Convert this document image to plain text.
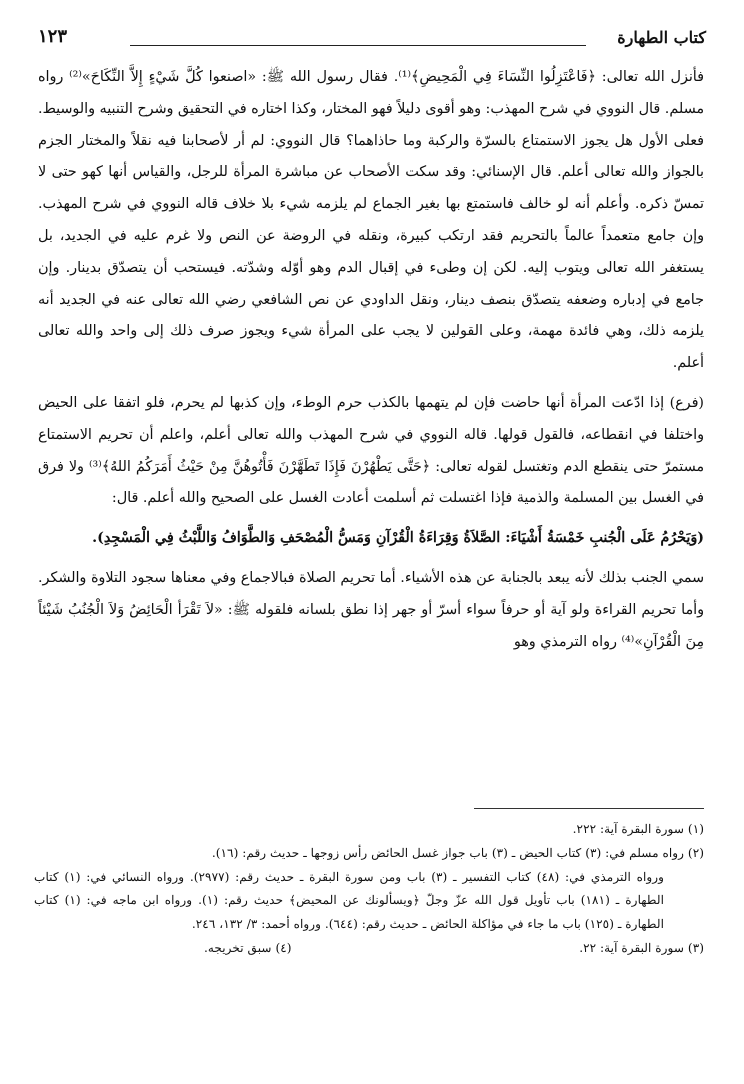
كتاب الطهارة
١٢٣

فأنزل الله تعالى: ﴿فَاعْتَزِلُوا النِّسَاءَ فِي الْمَحِيضِ﴾⁽¹⁾. فقال رسول الله ﷺ: «اصنعوا كُلَّ شَيْءٍ إِلاَّ النِّكَاحَ»⁽²⁾ رواه مسلم. قال النووي في شرح المهذب: وهو أقوى دليلاً فهو المختار، وكذا اختاره في التحقيق وشرح التنبيه والوسيط. فعلى الأول هل يجوز الاستمتاع بالسرّة والركبة وما حاذاهما؟ قال النووي: لم أر لأصحابنا فيه نقلاً والمختار الجزم بالجواز والله تعالى أعلم. قال الإسنائي: وقد سكت الأصحاب عن مباشرة المرأة للرجل، والقياس أنها كهو حتى لا تمسّ ذكره. وأعلم أنه لو خالف فاستمتع بها بغير الجماع لم يلزمه شيء بلا خلاف قاله النووي في شرح المهذب. وإن جامع متعمداً عالماً بالتحريم فقد ارتكب كبيرة، ونقله في الروضة عن النص ولا غرم عليه في الجديد، بل يستغفر الله تعالى ويتوب إليه. لكن إن وطىء في إقبال الدم وهو أوّله وشدّته. فيستحب أن يتصدّق بدينار. وإن جامع في إدباره وضعفه يتصدّق بنصف دينار، ونقل الداودي عن نص الشافعي رضي الله تعالى عنه في الجديد أنه يلزمه ذلك، وهي فائدة مهمة، وعلى القولين لا يجب على المرأة شيء ويجوز صرف ذلك إلى واحد والله تعالى أعلم.

(فرع) إذا ادّعت المرأة أنها حاضت فإن لم يتهمها بالكذب حرم الوطء، وإن كذبها لم يحرم، فلو اتفقا على الحيض واختلفا في انقطاعه، فالقول قولها. قاله النووي في شرح المهذب والله تعالى أعلم، واعلم أن تحريم الاستمتاع مستمرّ حتى ينقطع الدم وتغتسل لقوله تعالى: ﴿حَتَّى يَطْهُرْنَ فَإِذَا تَطَهَّرْنَ فَأْتُوهُنَّ مِنْ حَيْثُ أَمَرَكُمُ اللهُ﴾⁽³⁾ ولا فرق في الغسل بين المسلمة والذمية فإذا اغتسلت ثم أسلمت أعادت الغسل على الصحيح والله أعلم. قال:

(وَيَحْرُمُ عَلَى الْجُنبِ خَمْسَةُ أَشْيَاءَ: الصَّلاَةُ وَقِرَاءَةُ الْقُرْآنِ وَمَسُّ الْمُصْحَفِ وَالطَّوَافُ وَاللَّبْثُ فِي الْمَسْجِدِ).

سمي الجنب بذلك لأنه يبعد بالجنابة عن هذه الأشياء. أما تحريم الصلاة فبالاجماع وفي معناها سجود التلاوة والشكر. وأما تحريم القراءة ولو آية أو حرفاً سواء أسرّ أو جهر إذا نطق بلسانه فلقوله ﷺ: «لاَ تَقْرَأ الْحَائِضُ وَلاَ الْجُنُبُ شَيْئاً مِنَ الْقُرْآنِ»⁽⁴⁾ رواه الترمذي وهو

(١) سورة البقرة آية: ٢٢٢.

(٢) رواه مسلم في: (٣) كتاب الحيض ـ (٣) باب جواز غسل الحائض رأس زوجها ـ حديث رقم: (١٦).

ورواه الترمذي في: (٤٨) كتاب التفسير ـ (٣) باب ومن سورة البقرة ـ حديث رقم: (٢٩٧٧). ورواه النسائي في: (١) كتاب الطهارة ـ (١٨١) باب تأويل قول الله عزّ وجلّ ﴿ويسألونك عن المحيض﴾ حديث رقم: (١). ورواه ابن ماجه في: (١) كتاب الطهارة ـ (١٢٥) باب ما جاء في مؤاكلة الحائض ـ حديث رقم: (٦٤٤). ورواه أحمد: ٣/ ١٣٢، ٢٤٦.

(٣) سورة البقرة آية: ٢٢.
(٤) سبق تخريجه.
